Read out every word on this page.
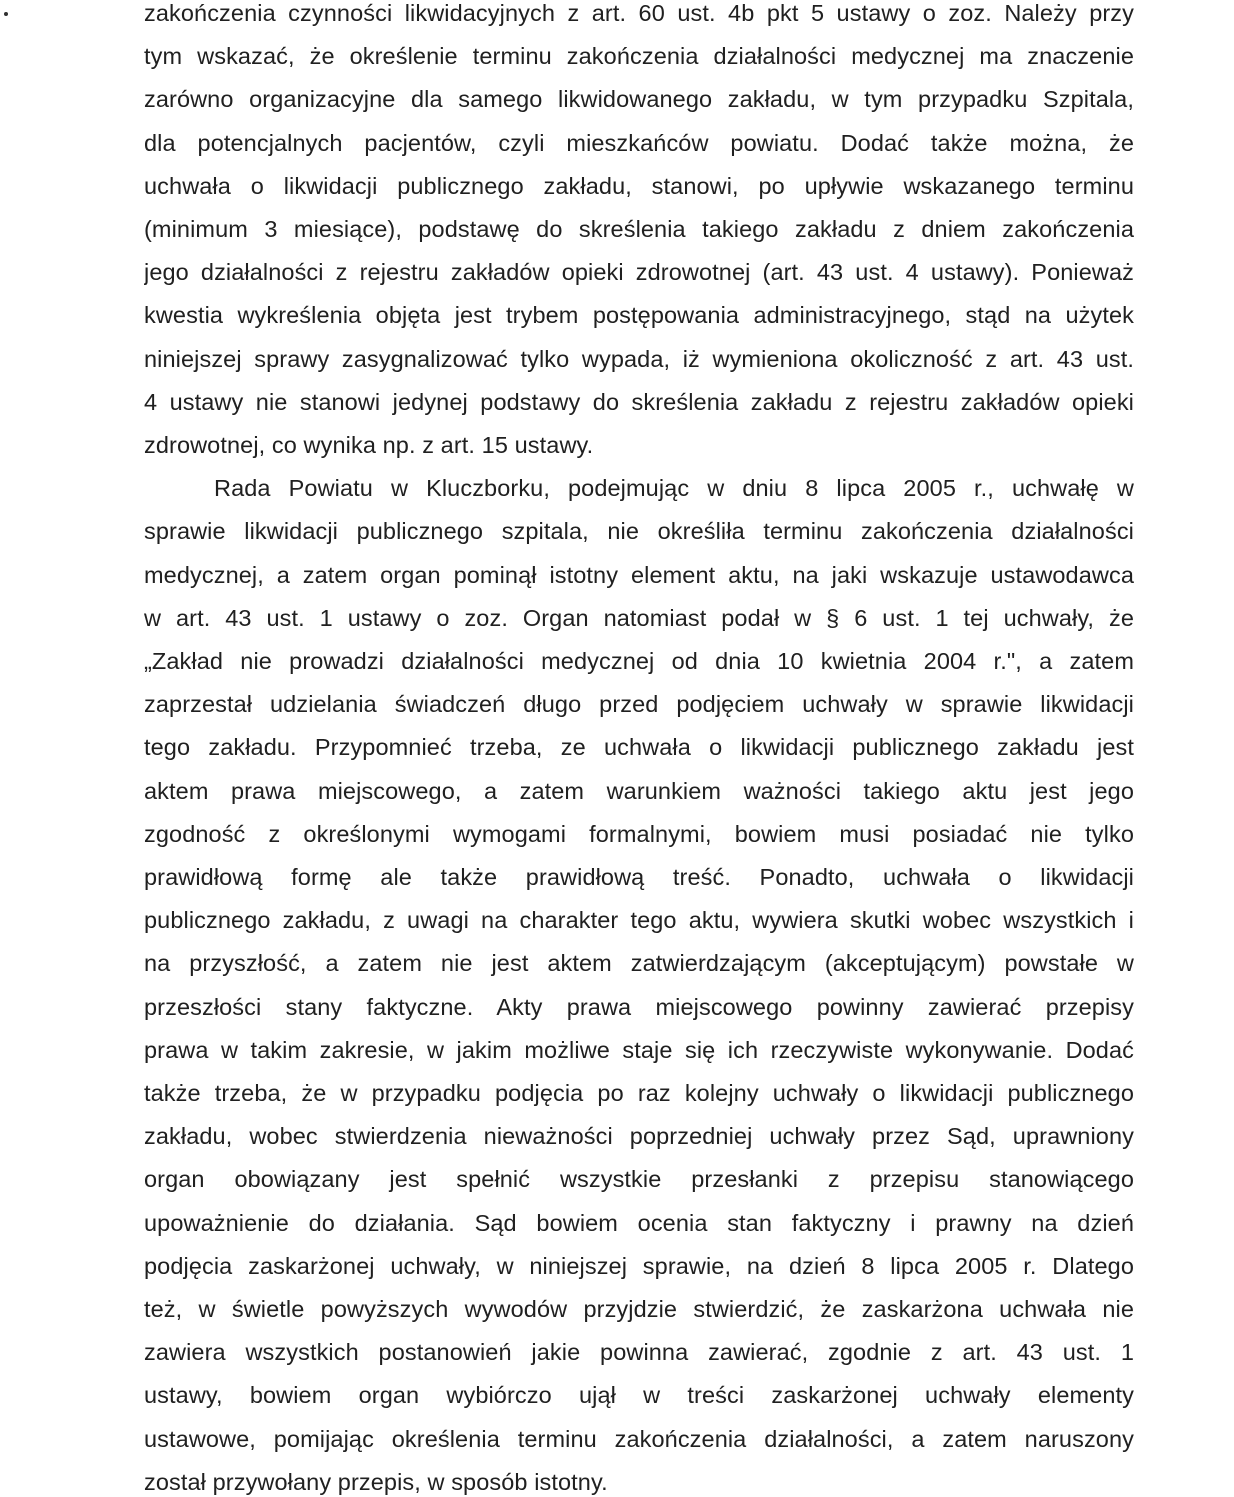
zakończenia czynności likwidacyjnych z art. 60 ust. 4b pkt 5 ustawy o zoz. Należy przy
tym wskazać, że określenie terminu zakończenia działalności medycznej ma znaczenie
zarówno organizacyjne dla samego likwidowanego zakładu, w tym przypadku Szpitala,
dla potencjalnych pacjentów, czyli mieszkańców powiatu. Dodać także można, że
uchwała o likwidacji publicznego zakładu, stanowi, po upływie wskazanego terminu
(minimum 3 miesiące), podstawę do skreślenia takiego zakładu z dniem zakończenia
jego działalności z rejestru zakładów opieki zdrowotnej (art. 43 ust. 4 ustawy). Ponieważ
kwestia wykreślenia objęta jest trybem postępowania administracyjnego, stąd na użytek
niniejszej sprawy zasygnalizować tylko wypada, iż wymieniona okoliczność z art. 43 ust.
4 ustawy nie stanowi jedynej podstawy do skreślenia zakładu z rejestru zakładów opieki
zdrowotnej, co wynika np. z art. 15 ustawy.
Rada Powiatu w Kluczborku, podejmując w dniu 8 lipca 2005 r., uchwałę w
sprawie likwidacji publicznego szpitala, nie określiła terminu zakończenia działalności
medycznej, a zatem organ pominął istotny element aktu, na jaki wskazuje ustawodawca
w art. 43 ust. 1 ustawy o zoz. Organ natomiast podał w § 6 ust. 1 tej uchwały, że
„Zakład nie prowadzi działalności medycznej od dnia 10 kwietnia 2004 r.", a zatem
zaprzestał udzielania świadczeń długo przed podjęciem uchwały w sprawie likwidacji
tego zakładu. Przypomnieć trzeba, ze uchwała o likwidacji publicznego zakładu jest
aktem prawa miejscowego, a zatem warunkiem ważności takiego aktu jest jego
zgodność z określonymi wymogami formalnymi, bowiem musi posiadać nie tylko
prawidłową formę ale także prawidłową treść. Ponadto, uchwała o likwidacji
publicznego zakładu, z uwagi na charakter tego aktu, wywiera skutki wobec wszystkich i
na przyszłość, a zatem nie jest aktem zatwierdzającym (akceptującym) powstałe w
przeszłości stany faktyczne. Akty prawa miejscowego powinny zawierać przepisy
prawa w takim zakresie, w jakim możliwe staje się ich rzeczywiste wykonywanie. Dodać
także trzeba, że w przypadku podjęcia po raz kolejny uchwały o likwidacji publicznego
zakładu, wobec stwierdzenia nieważności poprzedniej uchwały przez Sąd, uprawniony
organ obowiązany jest spełnić wszystkie przesłanki z przepisu stanowiącego
upoważnienie do działania. Sąd bowiem ocenia stan faktyczny i prawny na dzień
podjęcia zaskarżonej uchwały, w niniejszej sprawie, na dzień 8 lipca 2005 r. Dlatego
też, w świetle powyższych wywodów przyjdzie stwierdzić, że zaskarżona uchwała nie
zawiera wszystkich postanowień jakie powinna zawierać, zgodnie z art. 43 ust. 1
ustawy, bowiem organ wybiórczo ujął w treści zaskarżonej uchwały elementy
ustawowe, pomijając określenia terminu zakończenia działalności, a zatem naruszony
został przywołany przepis, w sposób istotny.
